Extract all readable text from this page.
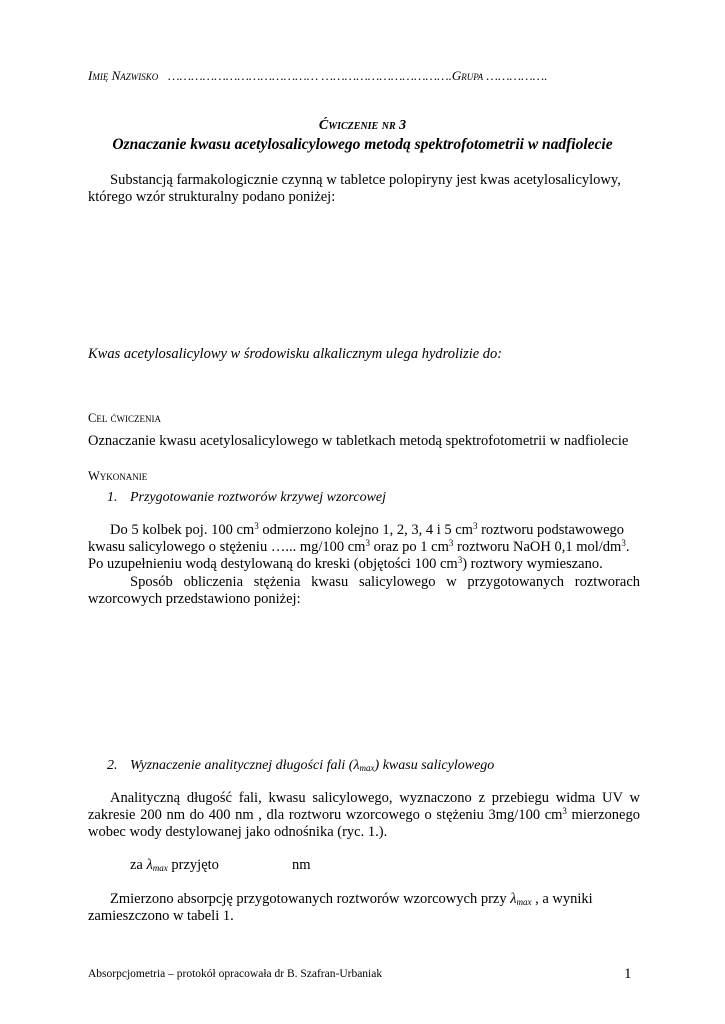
Imię Nazwisko ………………………………… …………………………….Grupa …………….
Ćwiczenie nr 3
Oznaczanie kwasu acetylosalicylowego metodą spektrofotometrii w nadfiolecie
Substancją farmakologicznie czynną w tabletce polopiryny jest kwas acetylosalicylowy, którego wzór strukturalny podano poniżej:
Kwas acetylosalicylowy w środowisku alkalicznym ulega hydrolizie do:
Cel ćwiczenia
Oznaczanie kwasu acetylosalicylowego w tabletkach metodą spektrofotometrii w nadfiolecie
Wykonanie
1. Przygotowanie roztworów krzywej wzorcowej
Do 5 kolbek poj. 100 $cm^3$ odmierzono kolejno 1, 2, 3, 4 i 5 $cm^3$ roztworu podstawowego kwasu salicylowego o stężeniu …... mg/100 $cm^3$ oraz po 1 $cm^3$ roztworu NaOH 0,1 mol/$dm^3$. Po uzupełnieniu wodą destylowaną do kreski (objętości 100 $cm^3$) roztwory wymieszano.
Sposób obliczenia stężenia kwasu salicylowego w przygotowanych roztworach wzorcowych przedstawiono poniżej:
2. Wyznaczenie analitycznej długości fali $(\lambda_{max})$ kwasu salicylowego
Analityczną długość fali, kwasu salicylowego, wyznaczono z przebiegu widma UV w zakresie 200 nm do 400 nm , dla roztworu wzorcowego o stężeniu 3mg/100 $cm^3$ mierzonego wobec wody destylowanej jako odnośnika (ryc. 1.).
za $\lambda_{max}$ przyjęto	nm
Zmierzono absorpcję przygotowanych roztworów wzorcowych przy $\lambda_{max}$ , a wyniki zamieszczono w tabeli 1.
Absorpcjometria – protokół opracowała dr B. Szafran-Urbaniak	1
